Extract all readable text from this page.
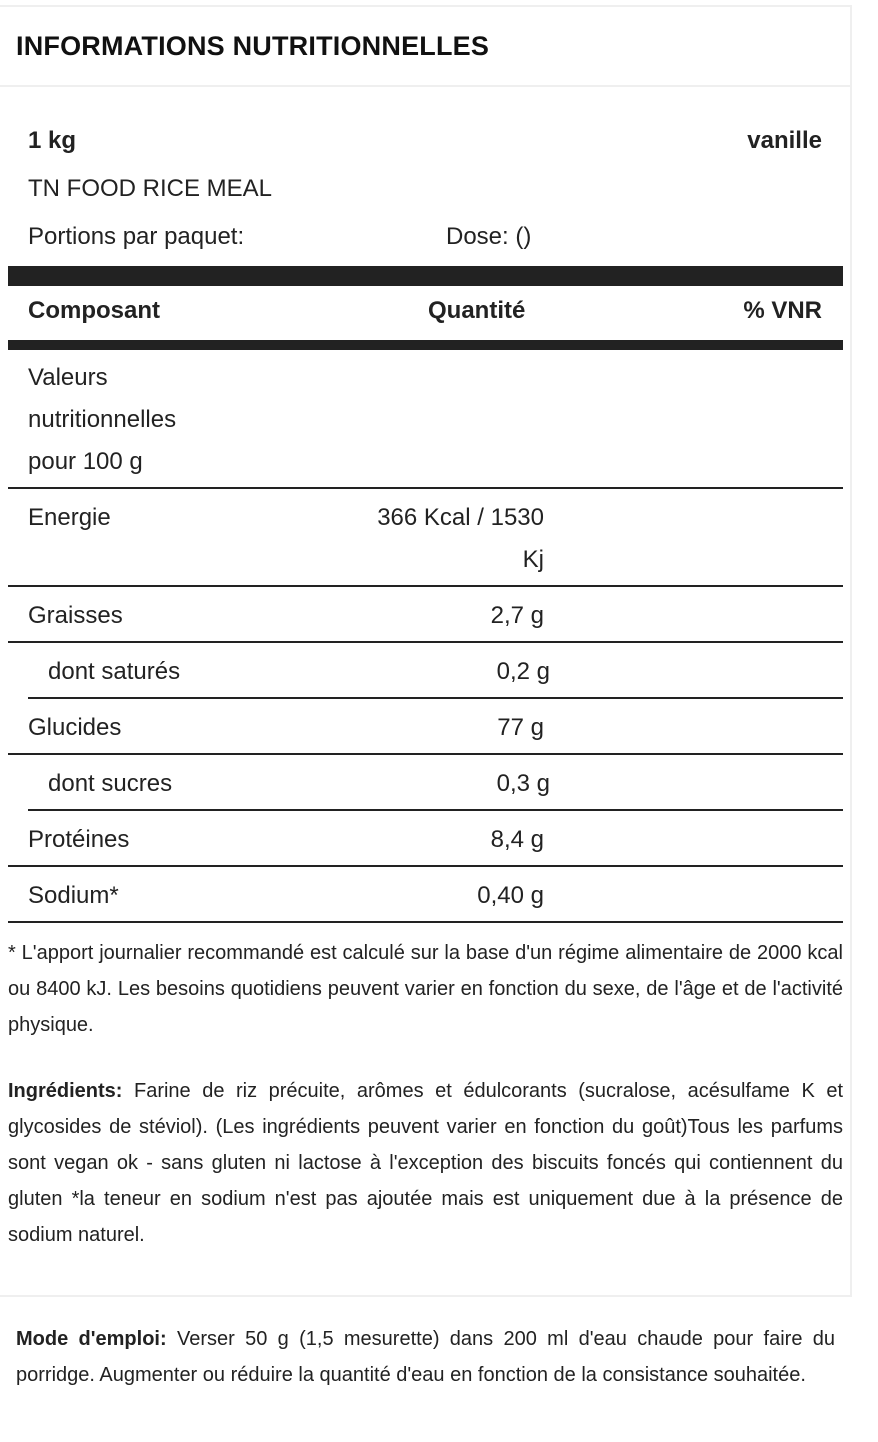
INFORMATIONS NUTRITIONNELLES
1 kg	vanille
TN FOOD RICE MEAL
Portions par paquet:	Dose: ()
Composant	Quantité	% VNR
Valeurs
nutritionnelles
pour 100 g
Energie	366 Kcal / 1530
Kj
Graisses	2,7 g
dont saturés	0,2 g
Glucides	77 g
dont sucres	0,3 g
Protéines	8,4 g
Sodium*	0,40 g
* L'apport journalier recommandé est calculé sur la base d'un régime alimentaire de 2000 kcal ou 8400 kJ. Les besoins quotidiens peuvent varier en fonction du sexe, de l'âge et de l'activité physique.
Ingrédients: Farine de riz précuite, arômes et édulcorants (sucralose, acésulfame K et glycosides de stéviol). (Les ingrédients peuvent varier en fonction du goût)Tous les parfums sont vegan ok - sans gluten ni lactose à l'exception des biscuits foncés qui contiennent du gluten *la teneur en sodium n'est pas ajoutée mais est uniquement due à la présence de sodium naturel.
Mode d'emploi: Verser 50 g (1,5 mesurette) dans 200 ml d'eau chaude pour faire du porridge. Augmenter ou réduire la quantité d'eau en fonction de la consistance souhaitée.
